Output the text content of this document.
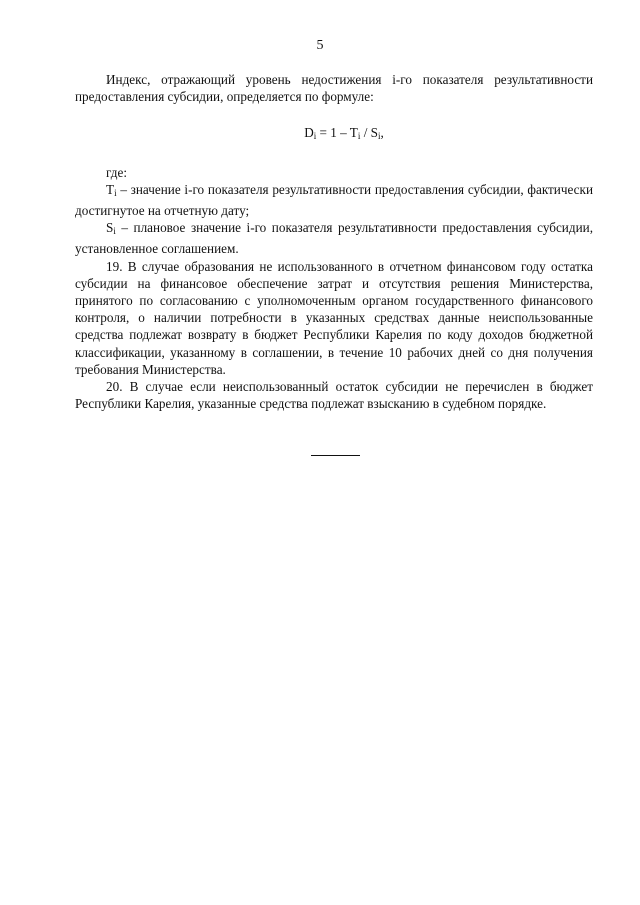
5

Индекс, отражающий уровень недостижения i-го показателя результативности предоставления субсидии, определяется по формуле:

$D_i = 1 - T_i / S_i$,

где:

$T_i$ – значение i-го показателя результативности предоставления субсидии, фактически достигнутое на отчетную дату;

$S_i$ – плановое значение i-го показателя результативности предоставления субсидии, установленное соглашением.

19. В случае образования не использованного в отчетном финансовом году остатка субсидии на финансовое обеспечение затрат и отсутствия решения Министерства, принятого по согласованию с уполномоченным органом государственного финансового контроля, о наличии потребности в указанных средствах данные неиспользованные средства подлежат возврату в бюджет Республики Карелия по коду доходов бюджетной классификации, указанному в соглашении, в течение 10 рабочих дней со дня получения требования Министерства.

20. В случае если неиспользованный остаток субсидии не перечислен в бюджет Республики Карелия, указанные средства подлежат взысканию в судебном порядке.
